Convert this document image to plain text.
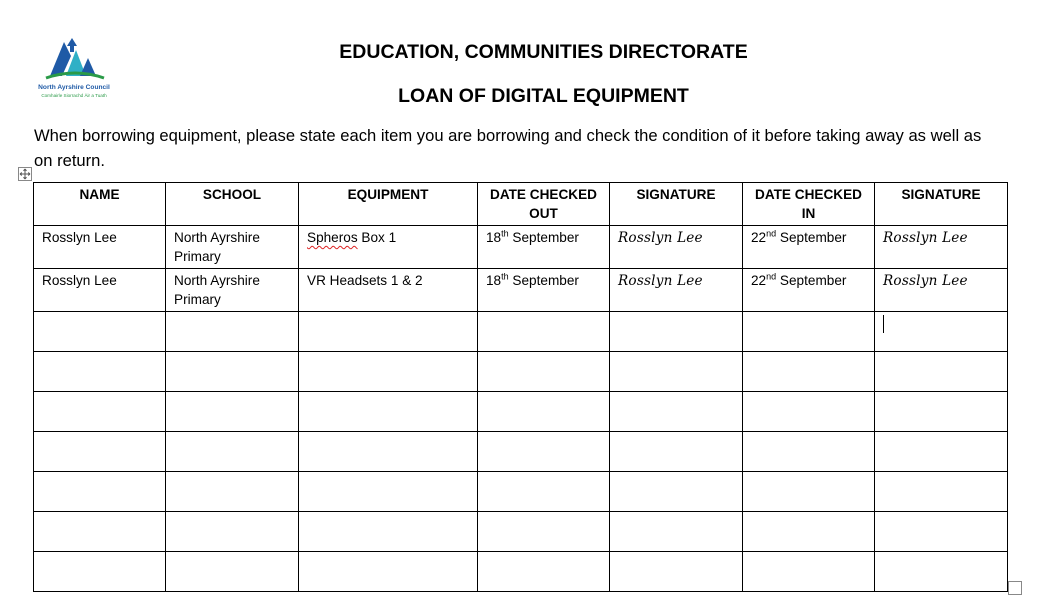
North Ayrshire Council
Comhairle Siorrachd Àir a Tuath
EDUCATION, COMMUNITIES DIRECTORATE
LOAN OF DIGITAL EQUIPMENT
When borrowing equipment, please state each item you are borrowing and check the condition of it before taking away as well as on return.
NAME	SCHOOL	EQUIPMENT	DATE CHECKED OUT	SIGNATURE	DATE CHECKED IN	SIGNATURE
Rosslyn Lee	North Ayrshire Primary	Spheros Box 1	18th September	Rosslyn Lee	22nd September	Rosslyn Lee
Rosslyn Lee	North Ayrshire Primary	VR Headsets 1 & 2	18th September	Rosslyn Lee	22nd September	Rosslyn Lee
